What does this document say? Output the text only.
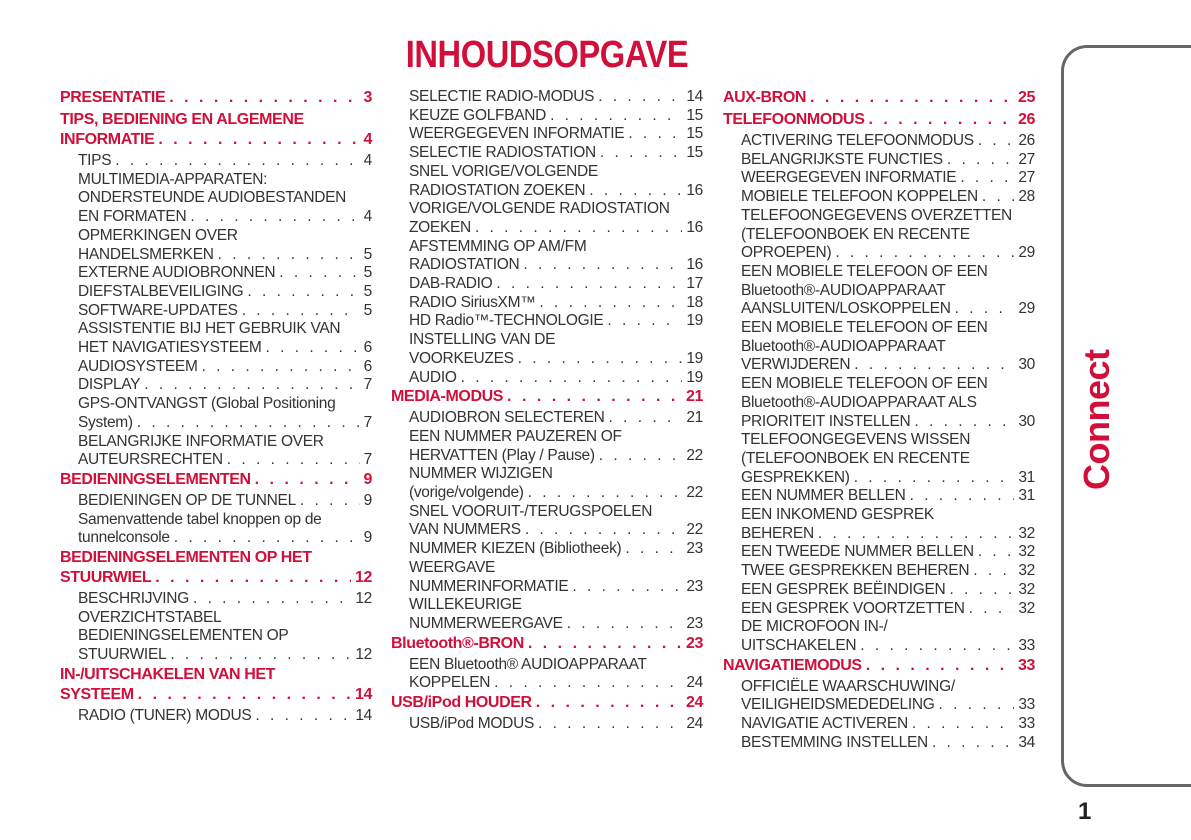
INHOUDSOPGAVE
PRESENTATIE . . .	3
TIPS, BEDIENING EN ALGEMENE
INFORMATIE . . .	4
TIPS . . .	4
MULTIMEDIA-APPARATEN:
ONDERSTEUNDE AUDIOBESTANDEN
EN FORMATEN . . .	4
OPMERKINGEN OVER
HANDELSMERKEN . . .	5
EXTERNE AUDIOBRONNEN . . .	5
DIEFSTALBEVEILIGING . . .	5
SOFTWARE-UPDATES . . .	5
ASSISTENTIE BIJ HET GEBRUIK VAN
HET NAVIGATIESYSTEEM . . .	6
AUDIOSYSTEEM . . .	6
DISPLAY . . .	7
GPS-ONTVANGST (Global Positioning
System) . . .	7
BELANGRIJKE INFORMATIE OVER
AUTEURSRECHTEN . . .	7
BEDIENINGSELEMENTEN . . .	9
BEDIENINGEN OP DE TUNNEL . . .	9
Samenvattende tabel knoppen op de
tunnelconsole . . .	9
BEDIENINGSELEMENTEN OP HET
STUURWIEL . . .	12
BESCHRIJVING . . .	12
OVERZICHTSTABEL
BEDIENINGSELEMENTEN OP
STUURWIEL . . .	12
IN-/UITSCHAKELEN VAN HET
SYSTEEM . . .	14
RADIO (TUNER) MODUS . . .	14
SELECTIE RADIO-MODUS . . .	14
KEUZE GOLFBAND . . .	15
WEERGEGEVEN INFORMATIE . . .	15
SELECTIE RADIOSTATION . . .	15
SNEL VORIGE/VOLGENDE
RADIOSTATION ZOEKEN . . .	16
VORIGE/VOLGENDE RADIOSTATION
ZOEKEN . . .	16
AFSTEMMING OP AM/FM
RADIOSTATION . . .	16
DAB-RADIO . . .	17
RADIO SiriusXM™ . . .	18
HD Radio™-TECHNOLOGIE . . .	19
INSTELLING VAN DE
VOORKEUZES . . .	19
AUDIO . . .	19
MEDIA-MODUS . . .	21
AUDIOBRON SELECTEREN . . .	21
EEN NUMMER PAUZEREN OF
HERVATTEN (Play / Pause) . . .	22
NUMMER WIJZIGEN
(vorige/volgende) . . .	22
SNEL VOORUIT-/TERUGSPOELEN
VAN NUMMERS . . .	22
NUMMER KIEZEN (Bibliotheek) . . .	23
WEERGAVE
NUMMERINFORMATIE . . .	23
WILLEKEURIGE
NUMMERWEERGAVE . . .	23
Bluetooth®-BRON . . .	23
EEN Bluetooth® AUDIOAPPARAAT
KOPPELEN . . .	24
USB/iPod HOUDER . . .	24
USB/iPod MODUS . . .	24
AUX-BRON . . .	25
TELEFOONMODUS . . .	26
ACTIVERING TELEFOONMODUS . . .	26
BELANGRIJKSTE FUNCTIES . . .	27
WEERGEGEVEN INFORMATIE . . .	27
MOBIELE TELEFOON KOPPELEN . . .	28
TELEFOONGEGEVENS OVERZETTEN
(TELEFOONBOEK EN RECENTE
OPROEPEN) . . .	29
EEN MOBIELE TELEFOON OF EEN
Bluetooth®-AUDIOAPPARAAT
AANSLUITEN/LOSKOPPELEN . . .	29
EEN MOBIELE TELEFOON OF EEN
Bluetooth®-AUDIOAPPARAAT
VERWIJDEREN . . .	30
EEN MOBIELE TELEFOON OF EEN
Bluetooth®-AUDIOAPPARAAT ALS
PRIORITEIT INSTELLEN . . .	30
TELEFOONGEGEVENS WISSEN
(TELEFOONBOEK EN RECENTE
GESPREKKEN) . . .	31
EEN NUMMER BELLEN . . .	31
EEN INKOMEND GESPREK
BEHEREN . . .	32
EEN TWEEDE NUMMER BELLEN . . .	32
TWEE GESPREKKEN BEHEREN . . .	32
EEN GESPREK BEËINDIGEN . . .	32
EEN GESPREK VOORTZETTEN . . .	32
DE MICROFOON IN-/
UITSCHAKELEN . . .	33
NAVIGATIEMODUS . . .	33
OFFICIËLE WAARSCHUWING/
VEILIGHEIDSMEDEDELING . . .	33
NAVIGATIE ACTIVEREN . . .	33
BESTEMMING INSTELLEN . . .	34
Connect
1
